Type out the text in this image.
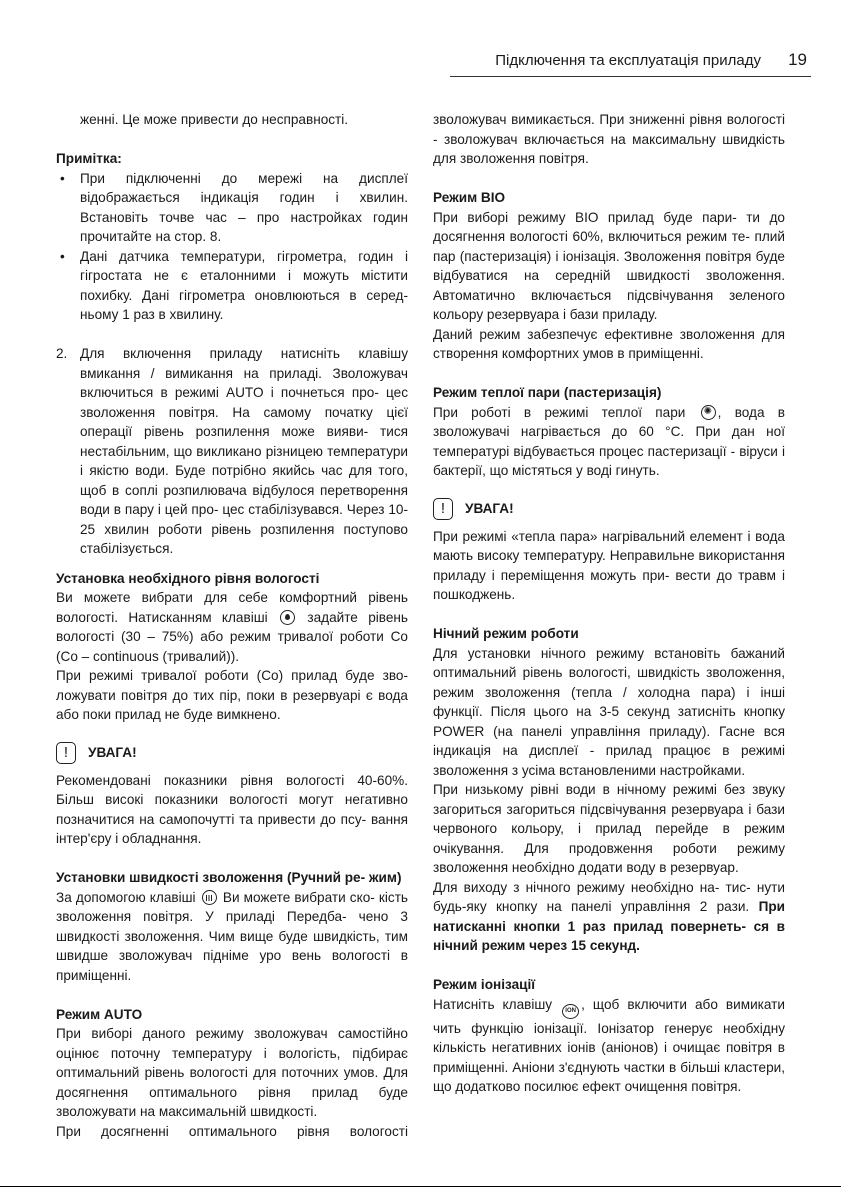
Підключення та експлуатація приладу 19

женні. Це може привести до несправності.

Примітка:
• При підключенні до мережі на дисплеї відображається індикація годин і хвилин. Встановіть точве час – про настройках годин прочитайте на стор. 8.
• Дані датчика температури, гігрометра, годин і гігростата не є еталонними і можуть містити похибку. Дані гігрометра оновлюються в серед- ньому 1 раз в хвилину.
2. Для включення приладу натисніть клавішу вмикання / вимикання на приладі. Зволожувач включиться в режимі AUTO і почнеться про- цес зволоження повітря. На самому початку цієї операції рівень розпилення може вияви- тися нестабільним, що викликано різницею температури і якістю води. Буде потрібно якийсь час для того, щоб в соплі розпилювача відбулося перетворення води в пару і цей про- цес стабілізувався. Через 10-25 хвилин роботи рівень розпилення поступово стабілізується.
Установка необхідного рівня вологості

Ви можете вибрати для себе комфортний рівень вологості. Натисканням клавіші	задайте рівень вологості (30 – 75%) або режим тривалої роботи Co (Co – continuous (тривалий)).

При режимі тривалої роботи (Co) прилад буде зво- ложувати повітря до тих пір, поки в резервуарі є вода або поки прилад не буде вимкнено.

!	УВАГА!

Рекомендовані показники рівня вологості 40-60%. Більш високі показники вологості могут негативно позначитися на самопочутті та привести до псу- вання інтер'єру і обладнання.

Установки швидкості зволоження (Ручний ре- жим)

За допомогою клавіші Ви можете вибрати ско- кість зволоження повітря. У приладі Передба- чено 3 швидкості зволоження. Чим вище буде швидкість, тим швидше зволожувач підніме уро вень вологості в приміщенні.

Режим AUTO

При виборі даного режиму зволожувач самостійно оцінює поточну температуру і вологість, підбирає оптимальний рівень вологості для поточних умов. Для досягнення оптимального рівня прилад буде зволожувати на максимальній швидкості.

При досягненні оптимального рівня вологості

зволожувач вимикається. При зниженні рівня вологості - зволожувач включається на максимальну швидкість для зволоження повітря.

Режим BIO

При виборі режиму BIO прилад буде пари- ти до досягнення вологості 60%, включиться режим те- плий пар (пастеризація) і іонізація. Зволоження повітря буде відбуватися на середній швидкості зволоження. Автоматично включається підсвічування зеленого кольору резервуара і бази приладу.

Даний режим забезпечує ефективне зволоження для створення комфортних умов в приміщенні.

Режим теплої пари (пастеризація)

При роботі в режимі теплої пари ✺ , вода в зволожувачі нагрівається до 60 °C. При дан ної температурі відбувається процес пастеризації - віруси і бактерії, що містяться у воді гинуть.

!	УВАГА!

При режимі «тепла пара» нагрівальний елемент і вода мають високу температуру. Неправильне використання приладу і переміщення можуть при- вести до травм і пошкоджень.

Нічний режим роботи

Для установки нічного режиму встановіть бажаний оптимальний рівень вологості, швидкість зволоження, режим зволоження (тепла / холодна пара) і інші функції. Після цього на 3-5 секунд затисніть кнопку POWER (на панелі управління приладу). Гасне вся індикація на дисплеї - прилад працює в режимі зволоження з усіма встановленими настройками.

При низькому рівні води в нічному режимі без звуку загориться загориться підсвічування резервуара і бази червоного кольору, і прилад перейде в режим очікування. Для продовження роботи режиму зволоження необхідно додати воду в резервуар.

Для виходу з нічного режиму необхідно на- тис- нути будь-яку кнопку на панелі управління 2 рази. При натисканні кнопки 1 раз прилад повернеть- ся в нічний режим через 15 секунд.

Режим іонізації

Натисніть клавішу ION , щоб включити або вимикати чить функцію іонізації. Іонізатор генерує необхідну кількість негативних іонів (аніонов) і очищає повітря в приміщенні. Аніони з'єднують частки в більші кластери, що додатково посилює ефект очищення повітря.
